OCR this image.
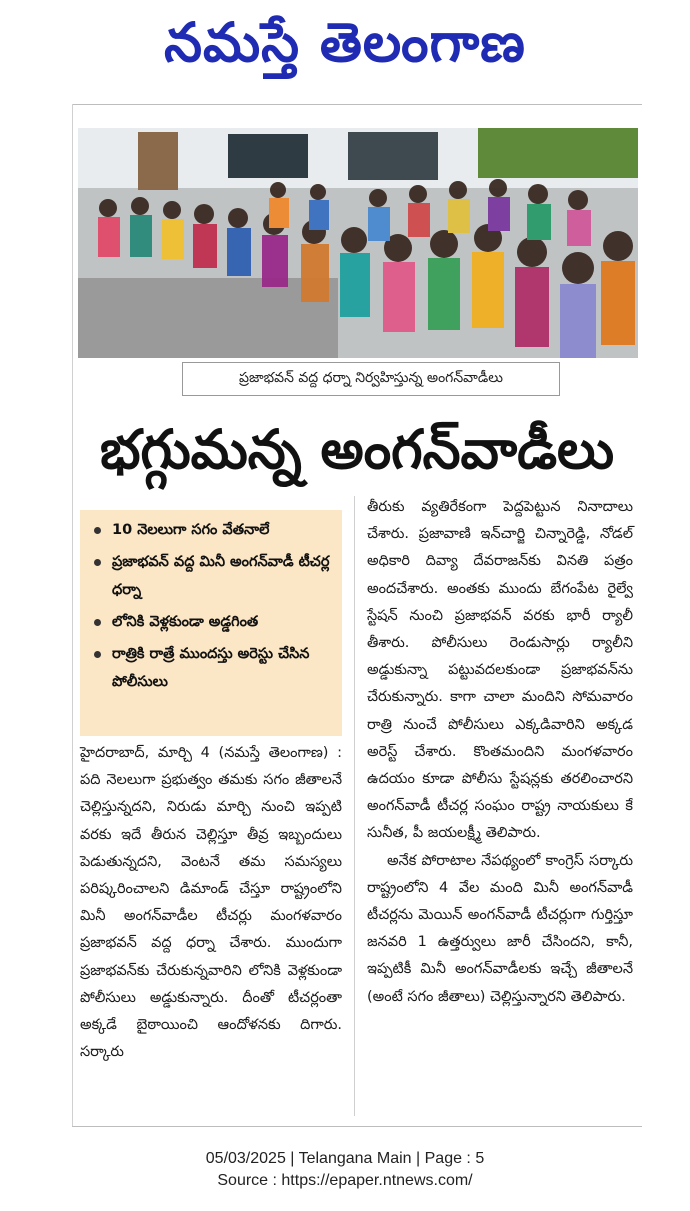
నమస్తే తెలంగాణ
ప్రజాభవన్ వద్ద ధర్నా నిర్వహిస్తున్న అంగన్‌వాడీలు
భగ్గుమన్న అంగన్‌వాడీలు
10 నెలలుగా సగం వేతనాలే
ప్రజాభవన్ వద్ద మినీ అంగన్‌వాడీ టీచర్ల ధర్నా
లోనికి వెళ్లకుండా అడ్డగింత
రాత్రికి రాత్రే ముందస్తు అరెస్టు చేసిన పోలీసులు

హైదరాబాద్, మార్చి 4 (నమస్తే తెలంగాణ) : పది నెలలుగా ప్రభుత్వం తమకు సగం జీతాలనే చెల్లిస్తున్నదని, నిరుడు మార్చి నుంచి ఇప్పటి వరకు ఇదే తీరున చెల్లిస్తూ తీవ్ర ఇబ్బందులు పెడుతున్నదని, వెంటనే తమ సమస్యలు పరిష్కరించాలని డిమాండ్ చేస్తూ రాష్ట్రంలోని మినీ అంగన్‌వాడీల టీచర్లు మంగళవారం ప్రజాభవన్ వద్ద ధర్నా చేశారు. ముందుగా ప్రజాభవన్‌కు చేరుకున్నవారిని లోనికి వెళ్లకుండా పోలీసులు అడ్డుకున్నారు. దీంతో టీచర్లంతా అక్కడే బైఠాయించి ఆందోళనకు దిగారు. సర్కారు

తీరుకు వ్యతిరేకంగా పెద్దపెట్టున నినాదాలు చేశారు. ప్రజావాణి ఇన్‌చార్జి చిన్నారెడ్డి, నోడల్ అధికారి దివ్యా దేవరాజన్‌కు వినతి పత్రం అందచేశారు. అంతకు ముందు బేగంపేట రైల్వే స్టేషన్ నుంచి ప్రజాభవన్ వరకు భారీ ర్యాలీ తీశారు. పోలీసులు రెండుసార్లు ర్యాలీని అడ్డుకున్నా పట్టువదలకుండా ప్రజాభవన్‌ను చేరుకున్నారు. కాగా చాలా మందిని సోమవారం రాత్రి నుంచే పోలీసులు ఎక్కడివారిని అక్కడ అరెస్ట్ చేశారు. కొంతమందిని మంగళవారం ఉదయం కూడా పోలీసు స్టేషన్లకు తరలించారని అంగన్‌వాడీ టీచర్ల సంఘం రాష్ట్ర నాయకులు కే సునీత, పీ జయలక్ష్మీ తెలిపారు.

అనేక పోరాటాల నేపథ్యంలో కాంగ్రెస్ సర్కారు రాష్ట్రంలోని 4 వేల మంది మినీ అంగన్‌వాడీ టీచర్లను మెయిన్ అంగన్‌వాడీ టీచర్లుగా గుర్తిస్తూ జనవరి 1 ఉత్తర్వులు జారీ చేసిందని, కానీ, ఇప్పటికీ మినీ అంగన్‌వాడీలకు ఇచ్చే జీతాలనే (అంటే సగం జీతాలు) చెల్లిస్తున్నారని తెలిపారు.

05/03/2025 | Telangana Main | Page : 5
Source : https://epaper.ntnews.com/
